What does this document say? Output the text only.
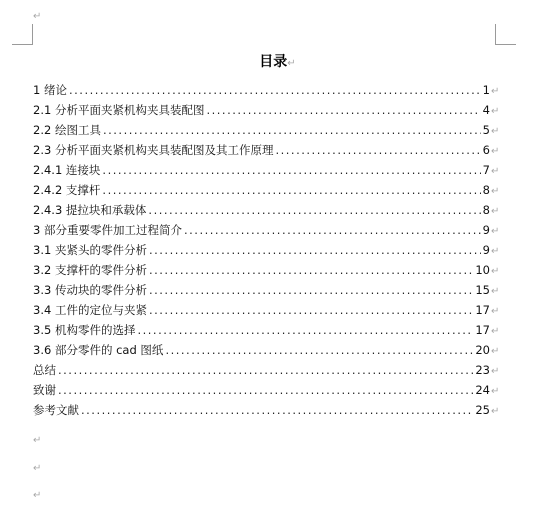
↵
目录↵
1 绪论 .....	1 ↵
2.1 分析平面夹紧机构夹具装配图 .....	4 ↵
2.2 绘图工具 .....	5 ↵
2.3 分析平面夹紧机构夹具装配图及其工作原理 .....	6 ↵
2.4.1 连接块 .....	7 ↵
2.4.2 支撑杆 .....	8 ↵
2.4.3 提拉块和承载体 .....	8 ↵
3 部分重要零件加工过程简介 .....	9 ↵
3.1 夹紧头的零件分析 .....	9 ↵
3.2 支撑杆的零件分析 .....	10 ↵
3.3 传动块的零件分析 .....	15 ↵
3.4 工件的定位与夹紧 .....	17 ↵
3.5 机构零件的选择 .....	17 ↵
3.6 部分零件的 cad 图纸 .....	20 ↵
总结 .....	23 ↵
致谢 .....	24 ↵
参考文献 .....	25 ↵
↵
↵
↵
